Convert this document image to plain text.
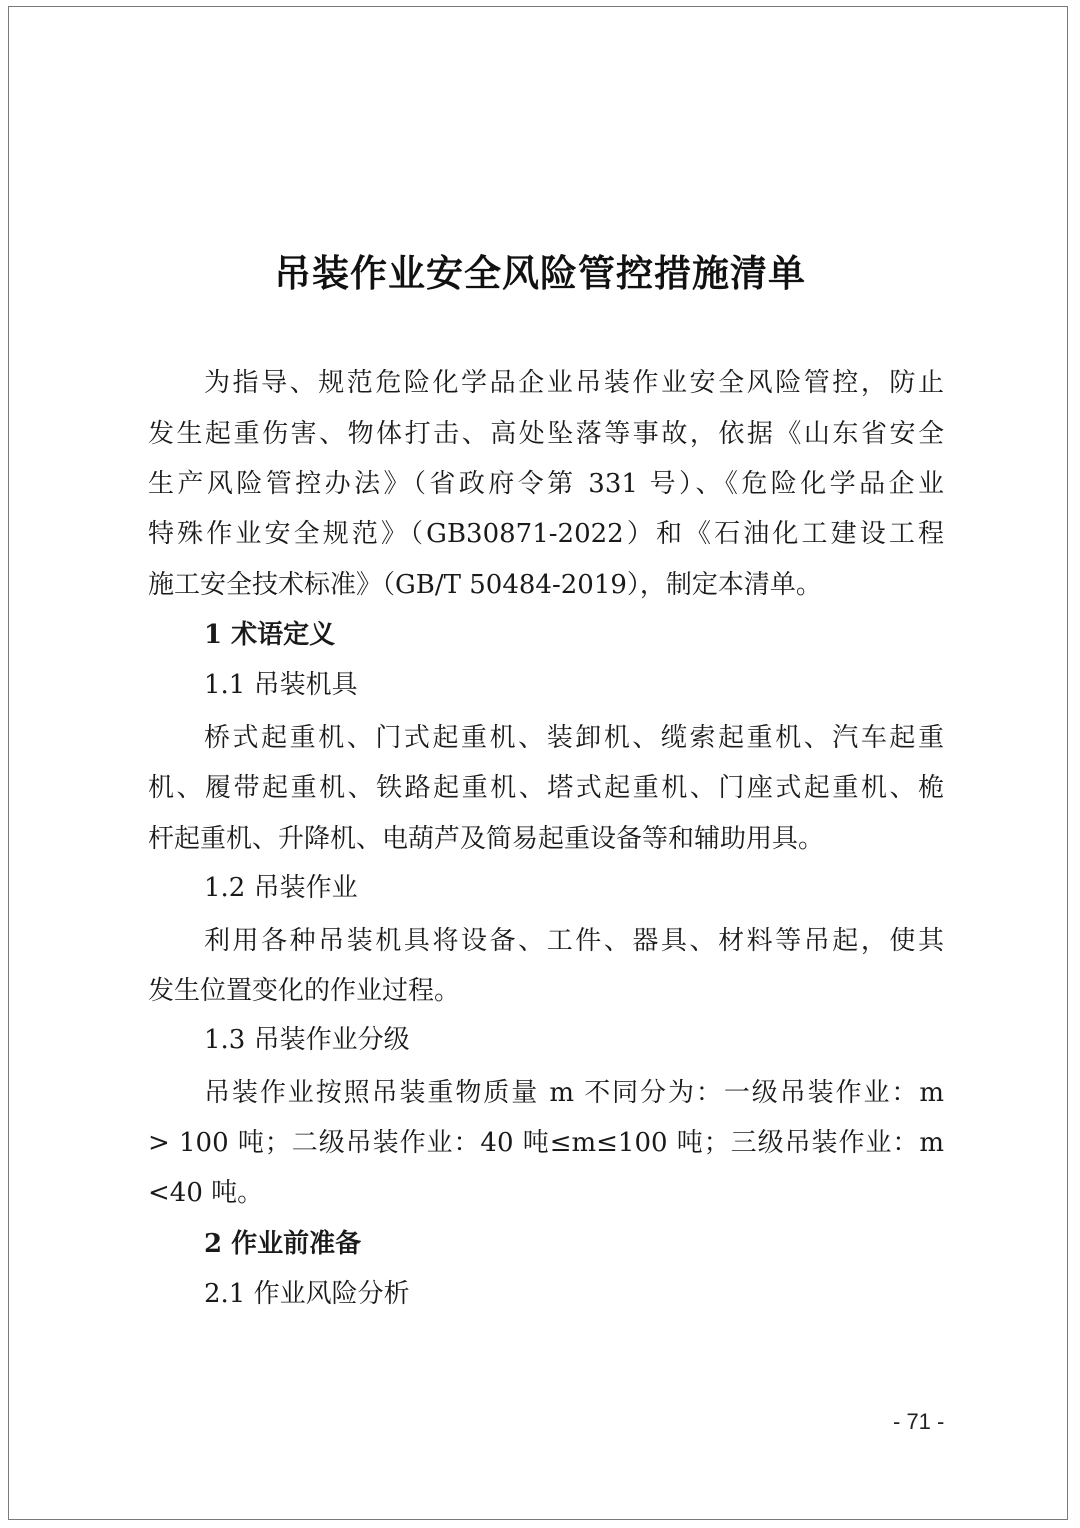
吊装作业安全风险管控措施清单
为指导、规范危险化学品企业吊装作业安全风险管控，防止
发生起重伤害、物体打击、高处坠落等事故，依据《山东省安全
生产风险管控办法》（省政府令第 331 号）、《危险化学品企业
特殊作业安全规范》（GB30871-2022）和《石油化工建设工程
施工安全技术标准》（GB/T 50484-2019），制定本清单。
1 术语定义
1.1 吊装机具
桥式起重机、门式起重机、装卸机、缆索起重机、汽车起重
机、履带起重机、铁路起重机、塔式起重机、门座式起重机、桅
杆起重机、升降机、电葫芦及简易起重设备等和辅助用具。
1.2 吊装作业
利用各种吊装机具将设备、工件、器具、材料等吊起，使其
发生位置变化的作业过程。
1.3 吊装作业分级
吊装作业按照吊装重物质量 m 不同分为：一级吊装作业：m
> 100 吨；二级吊装作业：40 吨≤m≤100 吨；三级吊装作业：m
<40 吨。
2 作业前准备
2.1 作业风险分析
- 71 -
